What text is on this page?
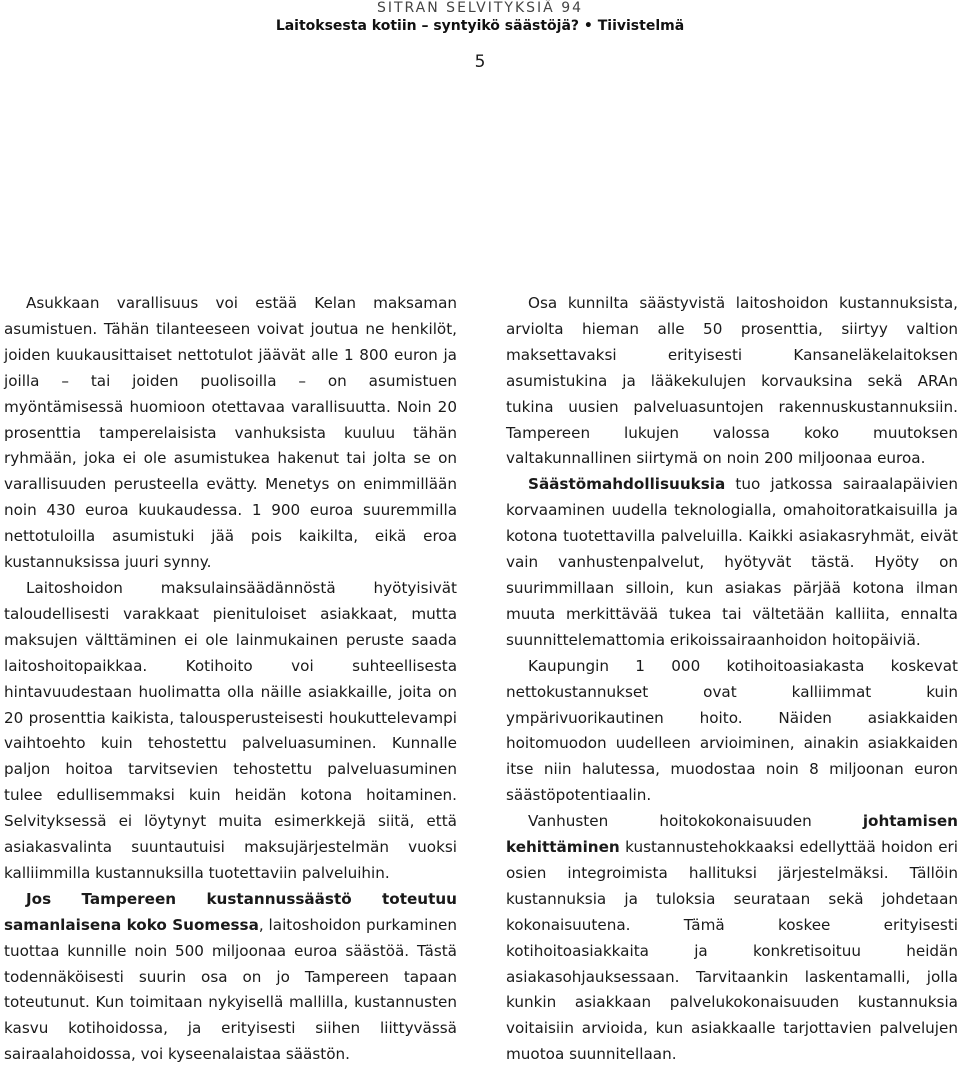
SITRAN SELVITYKSIÄ 94
Laitoksesta kotiin – syntyikö säästöjä? • Tiivistelmä
5

Asukkaan varallisuus voi estää Kelan maksaman asumistuen. Tähän tilanteeseen voivat joutua ne henkilöt, joiden kuukausittaiset nettotulot jäävät alle 1 800 euron ja joilla – tai joiden puolisoilla – on asumistuen myöntämisessä huomioon otettavaa varallisuutta. Noin 20 prosenttia tamperelaisista vanhuksista kuuluu tähän ryhmään, joka ei ole asumistukea hakenut tai jolta se on varallisuuden perusteella evätty. Menetys on enimmillään noin 430 euroa kuukaudessa. 1 900 euroa suuremmilla nettotuloilla asumistuki jää pois kaikilta, eikä eroa kustannuksissa juuri synny.

Laitoshoidon maksulainsäädännöstä hyötyisivät taloudellisesti varakkaat pienituloiset asiakkaat, mutta maksujen välttäminen ei ole lainmukainen peruste saada laitoshoitopaikkaa. Kotihoito voi suhteellisesta hintavuudestaan huolimatta olla näille asiakkaille, joita on 20 prosenttia kaikista, talousperusteisesti houkuttelevampi vaihtoehto kuin tehostettu palveluasuminen. Kunnalle paljon hoitoa tarvitsevien tehostettu palveluasuminen tulee edullisemmaksi kuin heidän kotona hoitaminen. Selvityksessä ei löytynyt muita esimerkkejä siitä, että asiakasvalinta suuntautuisi maksujärjestelmän vuoksi kalliimmilla kustannuksilla tuotettaviin palveluihin.

Jos Tampereen kustannussäästö toteutuu samanlaisena koko Suomessa, laitoshoidon purkaminen tuottaa kunnille noin 500 miljoonaa euroa säästöä. Tästä todennäköisesti suurin osa on jo Tampereen tapaan toteutunut. Kun toimitaan nykyisellä mallilla, kustannusten kasvu kotihoidossa, ja erityisesti siihen liittyvässä sairaalahoidossa, voi kyseenalaistaa säästön.

Osa kunnilta säästyvistä laitoshoidon kustannuksista, arviolta hieman alle 50 prosenttia, siirtyy valtion maksettavaksi erityisesti Kansaneläkelaitoksen asumistukina ja lääkekulujen korvauksina sekä ARAn tukina uusien palveluasuntojen rakennuskustannuksiin. Tampereen lukujen valossa koko muutoksen valtakunnallinen siirtymä on noin 200 miljoonaa euroa.

Säästömahdollisuuksia tuo jatkossa sairaalapäivien korvaaminen uudella teknologialla, omahoitoratkaisuilla ja kotona tuotettavilla palveluilla. Kaikki asiakasryhmät, eivät vain vanhustenpalvelut, hyötyvät tästä. Hyöty on suurimmillaan silloin, kun asiakas pärjää kotona ilman muuta merkittävää tukea tai vältetään kalliita, ennalta suunnittelemattomia erikoissairaanhoidon hoitopäiviä.

Kaupungin 1 000 kotihoitoasiakasta koskevat nettokustannukset ovat kalliimmat kuin ympärivuorikautinen hoito. Näiden asiakkaiden hoitomuodon uudelleen arvioiminen, ainakin asiakkaiden itse niin halutessa, muodostaa noin 8 miljoonan euron säästöpotentiaalin.

Vanhusten hoitokokonaisuuden johtamisen kehittäminen kustannustehokkaaksi edellyttää hoidon eri osien integroimista hallituksi järjestelmäksi. Tällöin kustannuksia ja tuloksia seurataan sekä johdetaan kokonaisuutena. Tämä koskee erityisesti kotihoitoasiakkaita ja konkretisoituu heidän asiakasohjauksessaan. Tarvitaankin laskentamalli, jolla kunkin asiakkaan palvelukokonaisuuden kustannuksia voitaisiin arvioida, kun asiakkaalle tarjottavien palvelujen muotoa suunnitellaan.
